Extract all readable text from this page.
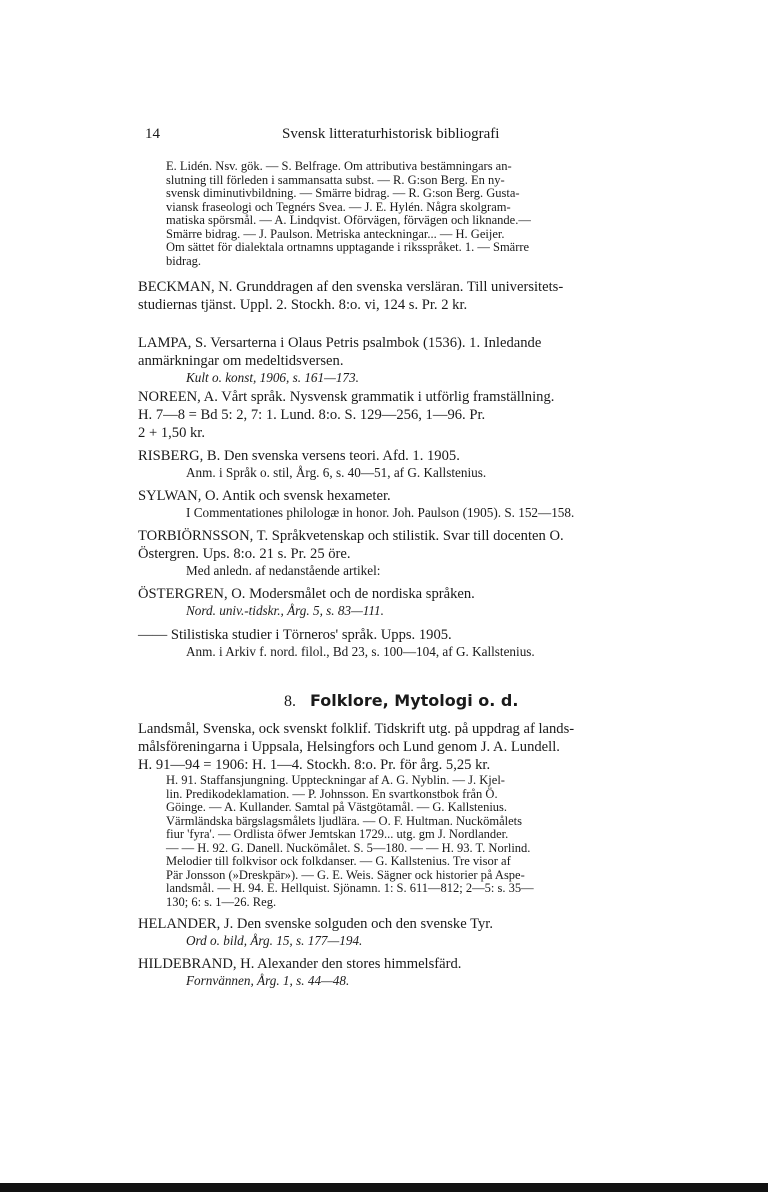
14	Svensk litteraturhistorisk bibliografi
E. Lidén. Nsv. gök. — S. Belfrage. Om attributiva bestämningars an-
slutning till förleden i sammansatta subst. — R. G:son Berg. En ny-
svensk diminutivbildning. — Smärre bidrag. — R. G:son Berg. Gusta-
viansk fraseologi och Tegnérs Svea. — J. E. Hylén. Några skolgram-
matiska spörsmål. — A. Lindqvist. Oförvägen, förvägen och liknande.—
Smärre bidrag. — J. Paulson. Metriska anteckningar... — H. Geijer.
Om sättet för dialektala ortnamns upptagande i riksspråket. 1. — Smärre
bidrag.

BECKMAN, N. Grunddragen af den svenska versläran. Till universitets-
studiernas tjänst. Uppl. 2. Stockh. 8:o. vi, 124 s. Pr. 2 kr.

LAMPA, S. Versarterna i Olaus Petris psalmbok (1536). 1. Inledande
anmärkningar om medeltidsversen.

Kult o. konst, 1906, s. 161—173.

NOREEN, A. Vårt språk. Nysvensk grammatik i utförlig framställning.
H. 7—8 = Bd 5: 2, 7: 1. Lund. 8:o. S. 129—256, 1—96. Pr.
2 + 1,50 kr.

RISBERG, B. Den svenska versens teori. Afd. 1. 1905.

Anm. i Språk o. stil, Årg. 6, s. 40—51, af G. Kallstenius.

SYLWAN, O. Antik och svensk hexameter.

I Commentationes philologæ in honor. Joh. Paulson (1905). S. 152—158.

TORBIÖRNSSON, T. Språkvetenskap och stilistik. Svar till docenten O.
Östergren. Ups. 8:o. 21 s. Pr. 25 öre.

Med anledn. af nedanstående artikel:

ÖSTERGREN, O. Modersmålet och de nordiska språken.

Nord. univ.-tidskr., Årg. 5, s. 83—111.

—— Stilistiska studier i Törneros' språk. Upps. 1905.

Anm. i Arkiv f. nord. filol., Bd 23, s. 100—104, af G. Kallstenius.

8. Folklore, Mytologi o. d.

Landsmål, Svenska, ock svenskt folklif. Tidskrift utg. på uppdrag af lands-
målsföreningarna i Uppsala, Helsingfors och Lund genom J. A. Lundell.
H. 91—94 = 1906: H. 1—4. Stockh. 8:o. Pr. för årg. 5,25 kr.

H. 91. Staffansjungning. Uppteckningar af A. G. Nyblin. — J. Kjel-
lin. Predikodeklamation. — P. Johnsson. En svartkonstbok från Ö.
Göinge. — A. Kullander. Samtal på Västgötamål. — G. Kallstenius.
Värmländska bärgslagsmålets ljudlära. — O. F. Hultman. Nuckömålets
fiur 'fyra'. — Ordlista öfwer Jemtskan 1729... utg. gm J. Nordlander.
— — H. 92. G. Danell. Nuckömålet. S. 5—180. — — H. 93. T. Norlind.
Melodier till folkvisor ock folkdanser. — G. Kallstenius. Tre visor af
Pär Jonsson (»Dreskpär»). — G. E. Weis. Sägner ock historier på Aspe-
landsmål. — H. 94. E. Hellquist. Sjönamn. 1: S. 611—812; 2—5: s. 35—
130; 6: s. 1—26. Reg.

HELANDER, J. Den svenske solguden och den svenske Tyr.

Ord o. bild, Årg. 15, s. 177—194.

HILDEBRAND, H. Alexander den stores himmelsfärd.

Fornvännen, Årg. 1, s. 44—48.
